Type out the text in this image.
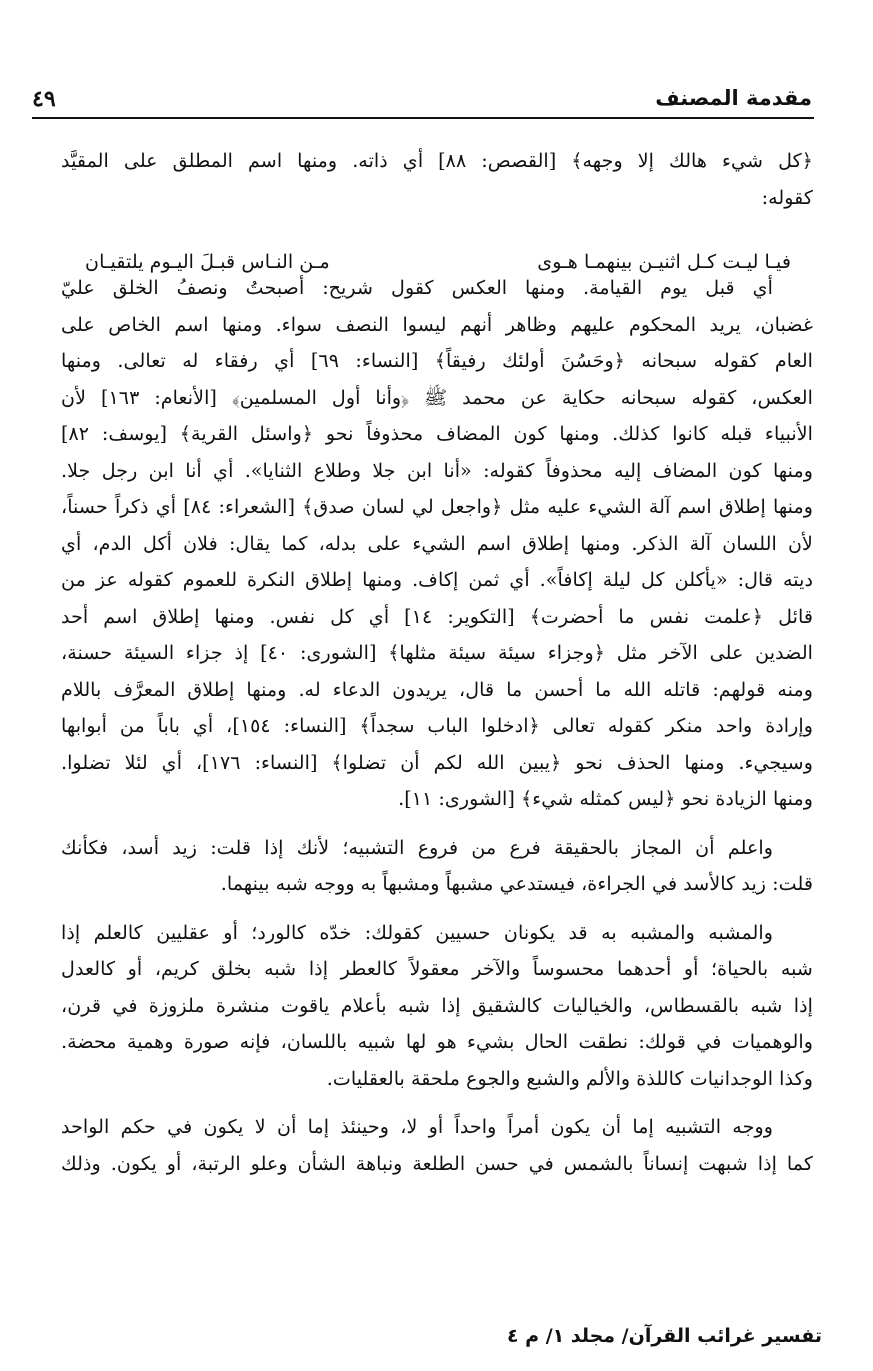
مقدمة المصنف
٤٩
﴿كل شيء هالك إلا وجهه﴾ [القصص: ٨٨] أي ذاته. ومنها اسم المطلق على المقيَّد
كقوله:
أي قبل يوم القيامة. ومنها العكس كقول شريح: أصبحتُ ونصفُ الخلق عليّ
غضبان، يريد المحكوم عليهم وظاهر أنهم ليسوا النصف سواء. ومنها اسم الخاص على
العام كقوله سبحانه ﴿وحَسُنَ أولئك رفيقاً﴾ [النساء: ٦٩] أي رفقاء له تعالى. ومنها
العكس، كقوله سبحانه حكاية عن محمد ﷺ ﴿وأنا أول المسلمين﴾ [الأنعام: ١٦٣] لأن
الأنبياء قبله كانوا كذلك. ومنها كون المضاف محذوفاً نحو ﴿واسئل القرية﴾ [يوسف: ٨٢]
ومنها كون المضاف إليه محذوفاً كقوله: «أنا ابن جلا وطلاع الثنايا». أي أنا ابن رجل جلا.
ومنها إطلاق اسم آلة الشيء عليه مثل ﴿واجعل لي لسان صدق﴾ [الشعراء: ٨٤] أي ذكراً حسناً،
لأن اللسان آلة الذكر. ومنها إطلاق اسم الشيء على بدله، كما يقال: فلان أكل الدم، أي
ديته قال: «يأكلن كل ليلة إكافاً». أي ثمن إكاف. ومنها إطلاق النكرة للعموم كقوله عز من
قائل ﴿علمت نفس ما أحضرت﴾ [التكوير: ١٤] أي كل نفس. ومنها إطلاق اسم أحد
الضدين على الآخر مثل ﴿وجزاء سيئة سيئة مثلها﴾ [الشورى: ٤٠] إذ جزاء السيئة حسنة،
ومنه قولهم: قاتله الله ما أحسن ما قال، يريدون الدعاء له. ومنها إطلاق المعرَّف باللام
وإرادة واحد منكر كقوله تعالى ﴿ادخلوا الباب سجداً﴾ [النساء: ١٥٤]، أي باباً من أبوابها
وسيجيء. ومنها الحذف نحو ﴿يبين الله لكم أن تضلوا﴾ [النساء: ١٧٦]، أي لئلا تضلوا.
ومنها الزيادة نحو ﴿ليس كمثله شيء﴾ [الشورى: ١١].
واعلم أن المجاز بالحقيقة فرع من فروع التشبيه؛ لأنك إذا قلت: زيد أسد، فكأنك
قلت: زيد كالأسد في الجراءة، فيستدعي مشبهاً ومشبهاً به ووجه شبه بينهما.
والمشبه والمشبه به قد يكونان حسيين كقولك: خدّه كالورد؛ أو عقليين كالعلم إذا
شبه بالحياة؛ أو أحدهما محسوساً والآخر معقولاً كالعطر إذا شبه بخلق كريم، أو كالعدل
إذا شبه بالقسطاس، والخياليات كالشقيق إذا شبه بأعلام ياقوت منشرة ملزوزة في قرن،
والوهميات في قولك: نطقت الحال بشيء هو لها شبيه باللسان، فإنه صورة وهمية محضة.
وكذا الوجدانيات كاللذة والألم والشبع والجوع ملحقة بالعقليات.
ووجه التشبيه إما أن يكون أمراً واحداً أو لا، وحينئذ إما أن لا يكون في حكم الواحد
كما إذا شبهت إنساناً بالشمس في حسن الطلعة ونباهة الشأن وعلو الرتبة، أو يكون. وذلك
فيـا ليـت كـل اثنيـن بينهمـا هـوى
مـن النـاس قبـلَ اليـوم يلتقيـان
تفسير غرائب القرآن/ مجلد ١/ م ٤
